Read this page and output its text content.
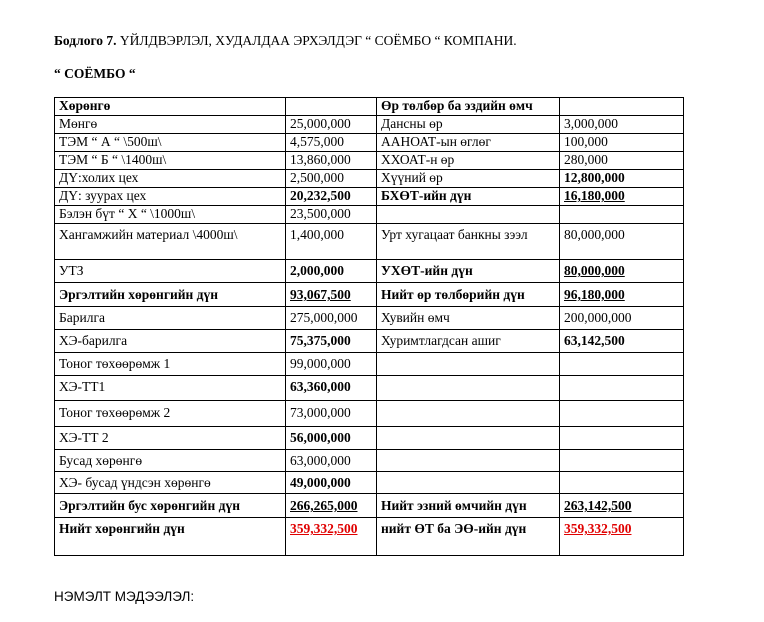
Бодлого 7. ҮЙЛДВЭРЛЭЛ, ХУДАЛДАА ЭРХЭЛДЭГ “ СОЁМБО “ КОМПАНИ.
“ СОЁМБО “
Хөрөнгө		Өр төлбөр ба эздийн өмч	
Мөнгө	25,000,000	Дансны өр	3,000,000
ТЭМ “ А “ \500ш\	4,575,000	ААНОАТ-ын өглөг	100,000
ТЭМ “ Б “ \1400ш\	13,860,000	ХХОАТ-н өр	280,000
ДҮ:холих цех	2,500,000	Хүүний өр	12,800,000
ДҮ: зуурах цех	20,232,500	БХӨТ-ийн дүн	16,180,000
Бэлэн бүт “ Х “ \1000ш\	23,500,000		
Хангамжийн материал \4000ш\	1,400,000	Урт хугацаат банкны зээл	80,000,000
УТЗ	2,000,000	УХӨТ-ийн дүн	80,000,000
Эргэлтийн хөрөнгийн дүн	93,067,500	Нийт өр төлбөрийн дүн	96,180,000
Барилга	275,000,000	Хувийн өмч	200,000,000
ХЭ-барилга	75,375,000	Хуримтлагдсан ашиг	63,142,500
Тоног төхөөрөмж 1	99,000,000		
ХЭ-ТТ1	63,360,000		
Тоног төхөөрөмж 2	73,000,000		
ХЭ-ТТ 2	56,000,000		
Бусад хөрөнгө	63,000,000		
ХЭ- бусад үндсэн хөрөнгө	49,000,000		
Эргэлтийн бус хөрөнгийн дүн	266,265,000	Нийт эзний өмчийн дүн	263,142,500
Нийт хөрөнгийн дүн	359,332,500	нийт ӨТ ба ЭӨ-ийн дүн	359,332,500
НЭМЭЛТ МЭДЭЭЛЭЛ:
